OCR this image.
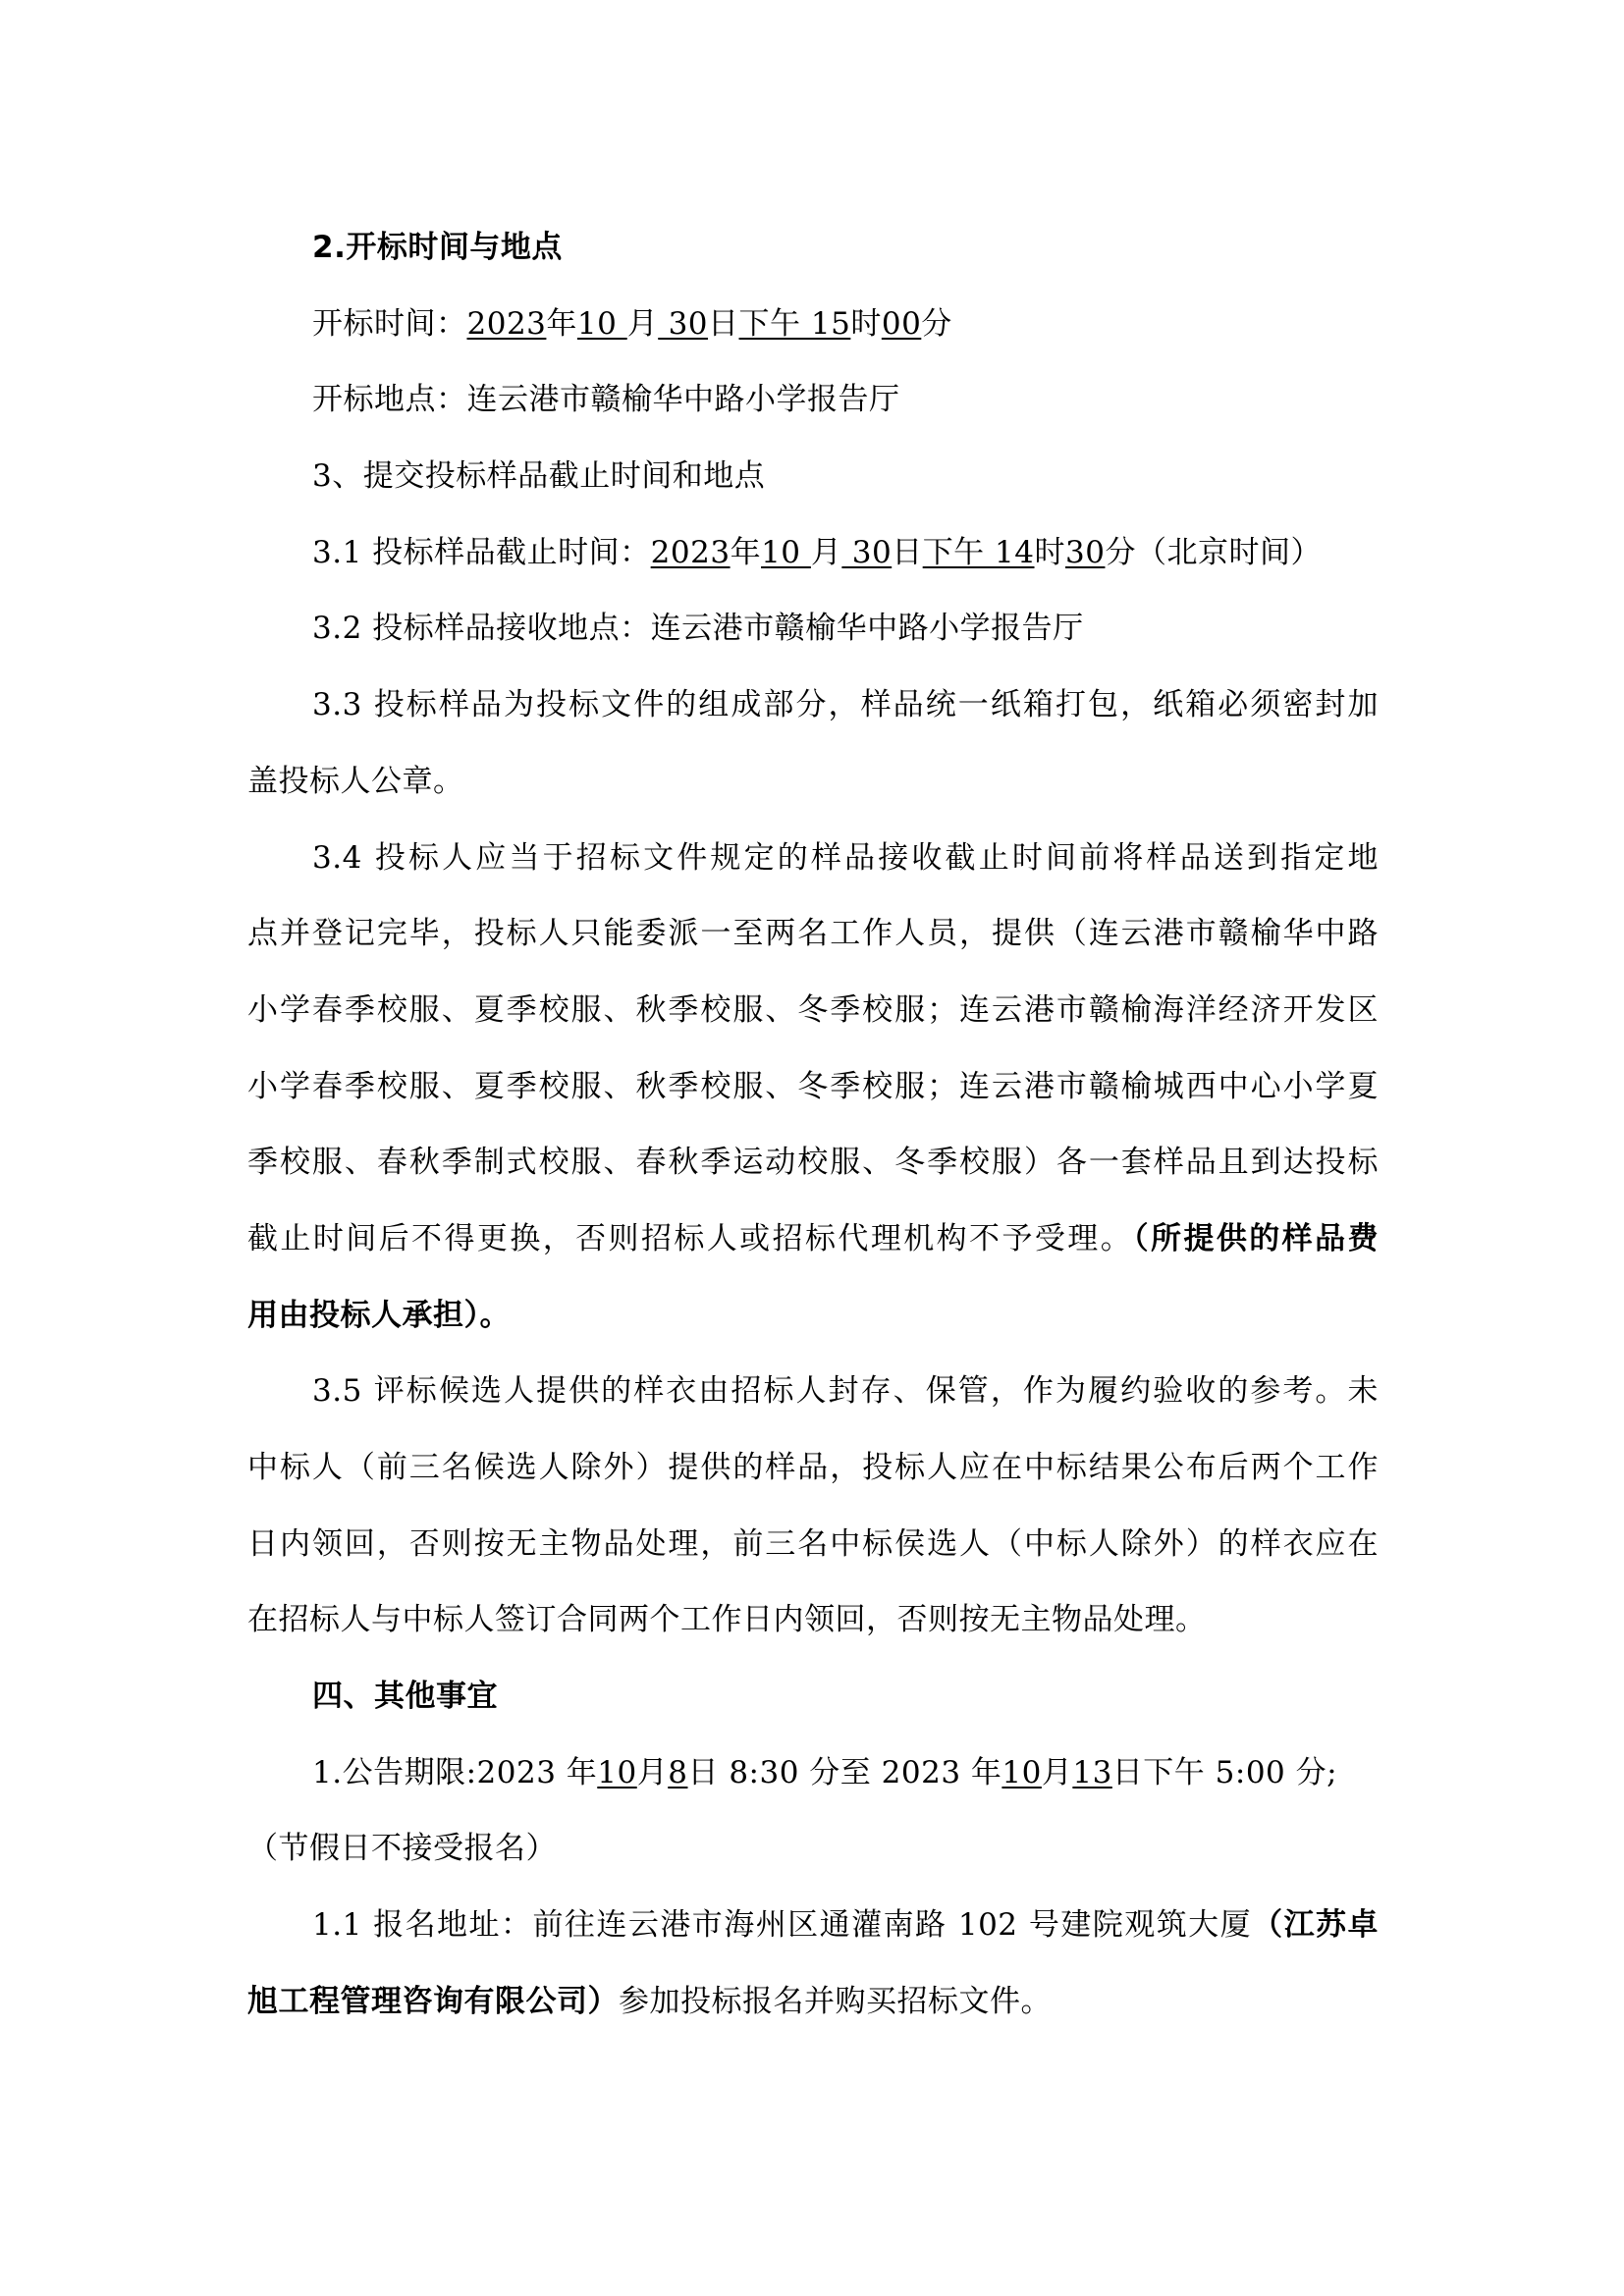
2.开标时间与地点
开标时间：2023年10 月 30日下午 15时00分
开标地点：连云港市赣榆华中路小学报告厅
3、提交投标样品截止时间和地点
3.1 投标样品截止时间：2023年10 月 30日下午 14时30分（北京时间）
3.2 投标样品接收地点：连云港市赣榆华中路小学报告厅
3.3 投标样品为投标文件的组成部分，样品统一纸箱打包，纸箱必须密封加
盖投标人公章。
3.4 投标人应当于招标文件规定的样品接收截止时间前将样品送到指定地
点并登记完毕，投标人只能委派一至两名工作人员，提供（连云港市赣榆华中路
小学春季校服、夏季校服、秋季校服、冬季校服；连云港市赣榆海洋经济开发区
小学春季校服、夏季校服、秋季校服、冬季校服；连云港市赣榆城西中心小学夏
季校服、春秋季制式校服、春秋季运动校服、冬季校服）各一套样品且到达投标
截止时间后不得更换，否则招标人或招标代理机构不予受理。（所提供的样品费
用由投标人承担）。
3.5 评标候选人提供的样衣由招标人封存、保管，作为履约验收的参考。未
中标人（前三名候选人除外）提供的样品，投标人应在中标结果公布后两个工作
日内领回，否则按无主物品处理，前三名中标侯选人（中标人除外）的样衣应在
在招标人与中标人签订合同两个工作日内领回，否则按无主物品处理。
四、其他事宜
1.公告期限:2023 年10月8日 8:30 分至 2023 年10月13日下午 5:00 分;
（节假日不接受报名）
1.1 报名地址：前往连云港市海州区通灌南路 102 号建院观筑大厦（江苏卓
旭工程管理咨询有限公司）参加投标报名并购买招标文件。
